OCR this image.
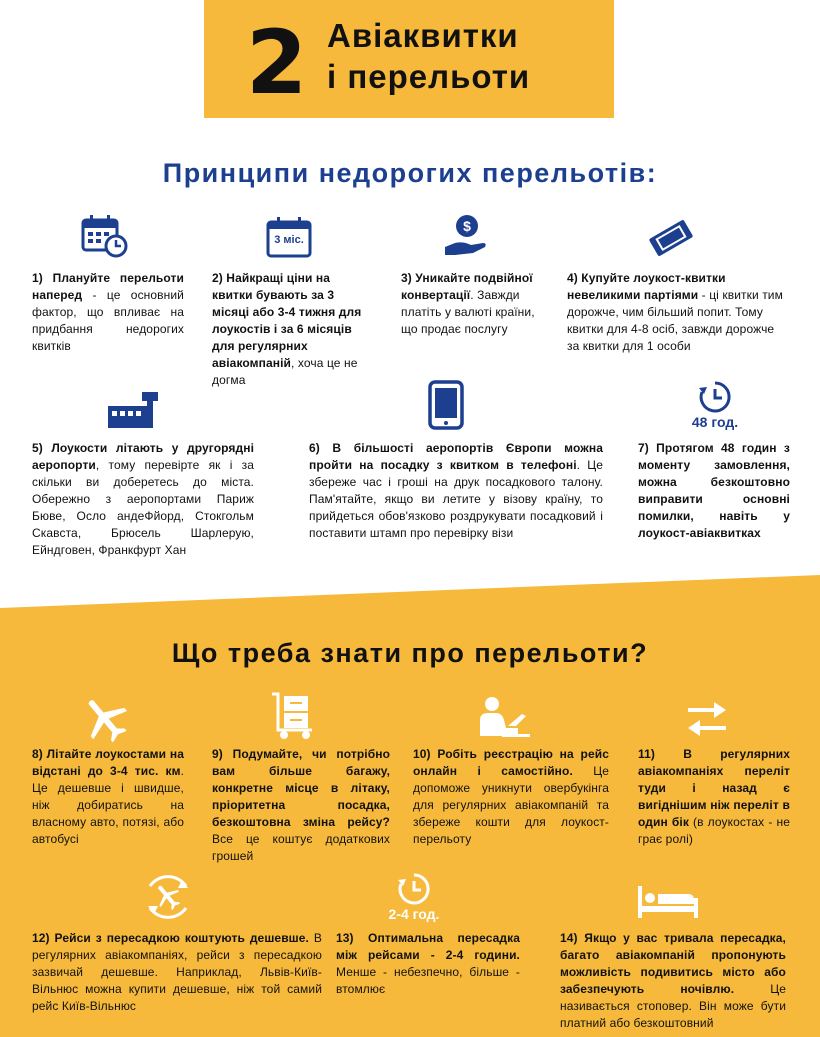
2 Авіаквитки
і перельоти
Принципи недорогих перельотів:
3 міс.
$
1) Плануйте перельоти наперед - це основний фактор, що впливає на придбання недорогих квитків
2) Найкращі ціни на квитки бувають за 3 місяці або 3-4 тижня для лоукостів і за 6 місяців для регулярних авіакомпаній, хоча це не догма
3) Уникайте подвійної конвертації. Завжди платіть у валюті країни, що продає послугу
4) Купуйте лоукост-квитки невеликими партіями - ці квитки тим дорожче, чим більший попит. Тому квитки для 4-8 осіб, завжди дорожче за квитки для 1 особи
48 год.
5) Лоукости літають у другорядні аеропорти, тому перевірте як і за скільки ви доберетесь до міста. Обережно з аеропортами Париж Бюве, Осло андеФйорд, Стокгольм Скавста, Брюсель Шарлерую, Ейндговен, Франкфурт Хан
6) В більшості аеропортів Європи можна пройти на посадку з квитком в телефоні. Це збереже час і гроші на друк посадкового талону. Пам'ятайте, якщо ви летите у візову країну, то прийдеться обов'язково роздрукувати посадковий і поставити штамп про перевірку візи
7) Протягом 48 годин з моменту замовлення, можна безкоштовно виправити основні помилки, навіть у лоукост-авіаквитках
Що треба знати про перельоти?
8) Літайте лоукостами на відстані до 3-4 тис. км. Це дешевше і швидше, ніж добиратись на власному авто, потязі, або автобусі
9) Подумайте, чи потрібно вам більше багажу, конкретне місце в літаку, пріоритетна посадка, безкоштовна зміна рейсу? Все це коштує додаткових грошей
10) Робіть реєстрацію на рейс онлайн і самостійно. Це допоможе уникнути овербукінга для регулярних авіакомпаній та збереже кошти для лоукост-перельоту
11) В регулярних авіакомпаніях переліт туди і назад є вигіднішим ніж переліт в один бік (в лоукостах - не грає ролі)
2-4 год.
12) Рейси з пересадкою коштують дешевше. В регулярних авіакомпаніях, рейси з пересадкою зазвичай дешевше. Наприклад, Львів-Київ-Вільнюс можна купити дешевше, ніж той самий рейс Київ-Вільнюс
13) Оптимальна пересадка між рейсами - 2-4 години. Менше - небезпечно, більше - втомлює
14) Якщо у вас тривала пересадка, багато авіакомпаній пропонують можливість подивитись місто або забезпечують ночівлю. Це називається стоповер. Він може бути платний або безкоштовний
